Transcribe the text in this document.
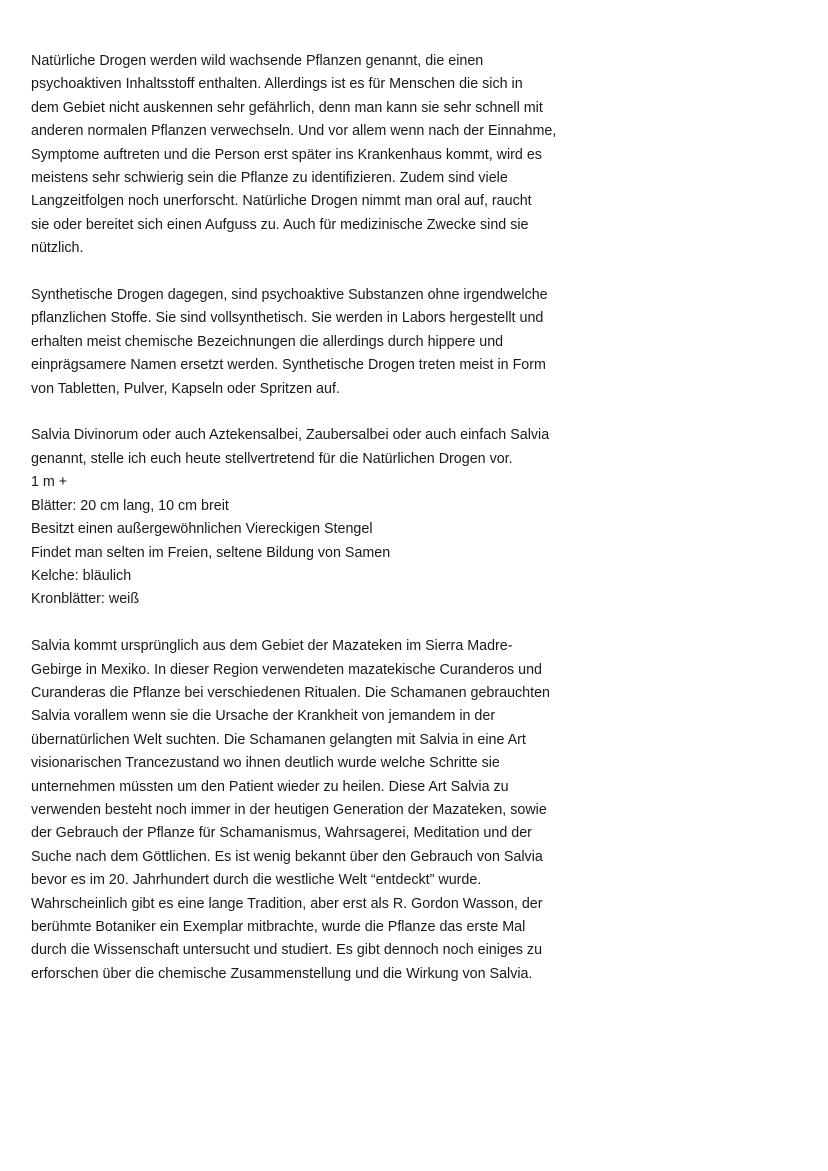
Natürliche Drogen werden wild wachsende Pflanzen genannt, die einen
psychoaktiven Inhaltsstoff enthalten. Allerdings ist es für Menschen die sich in
dem Gebiet nicht auskennen sehr gefährlich, denn man kann sie sehr schnell mit
anderen normalen Pflanzen verwechseln. Und vor allem wenn nach der Einnahme,
Symptome auftreten und die Person erst später ins Krankenhaus kommt, wird es
meistens sehr schwierig sein die Pflanze zu identifizieren. Zudem sind viele
Langzeitfolgen noch unerforscht. Natürliche Drogen nimmt man oral auf, raucht
sie oder bereitet sich einen Aufguss zu. Auch für medizinische Zwecke sind sie
nützlich.
Synthetische Drogen dagegen, sind psychoaktive Substanzen ohne irgendwelche
pflanzlichen Stoffe. Sie sind vollsynthetisch. Sie werden in Labors hergestellt und
erhalten meist chemische Bezeichnungen die allerdings durch hippere und
einprägsamere Namen ersetzt werden. Synthetische Drogen treten meist in Form
von Tabletten, Pulver, Kapseln oder Spritzen auf.
Salvia Divinorum oder auch Aztekensalbei, Zaubersalbei oder auch einfach Salvia
genannt, stelle ich euch heute stellvertretend für die Natürlichen Drogen vor.
1 m +
Blätter: 20 cm lang, 10 cm breit
Besitzt einen außergewöhnlichen Viereckigen Stengel
Findet man selten im Freien, seltene Bildung von Samen
Kelche: bläulich
Kronblätter: weiß
Salvia kommt ursprünglich aus dem Gebiet der Mazateken im Sierra Madre-
Gebirge in Mexiko. In dieser Region verwendeten mazatekische Curanderos und
Curanderas die Pflanze bei verschiedenen Ritualen. Die Schamanen gebrauchten
Salvia vorallem wenn sie die Ursache der Krankheit von jemandem in der
übernatürlichen Welt suchten. Die Schamanen gelangten mit Salvia in eine Art
visionarischen Trancezustand wo ihnen deutlich wurde welche Schritte sie
unternehmen müssten um den Patient wieder zu heilen. Diese Art Salvia zu
verwenden besteht noch immer in der heutigen Generation der Mazateken, sowie
der Gebrauch der Pflanze für Schamanismus, Wahrsagerei, Meditation und der
Suche nach dem Göttlichen. Es ist wenig bekannt über den Gebrauch von Salvia
bevor es im 20. Jahrhundert durch die westliche Welt “entdeckt” wurde.
Wahrscheinlich gibt es eine lange Tradition, aber erst als R. Gordon Wasson, der
berühmte Botaniker ein Exemplar mitbrachte, wurde die Pflanze das erste Mal
durch die Wissenschaft untersucht und studiert. Es gibt dennoch noch einiges zu
erforschen über die chemische Zusammenstellung und die Wirkung von Salvia.
